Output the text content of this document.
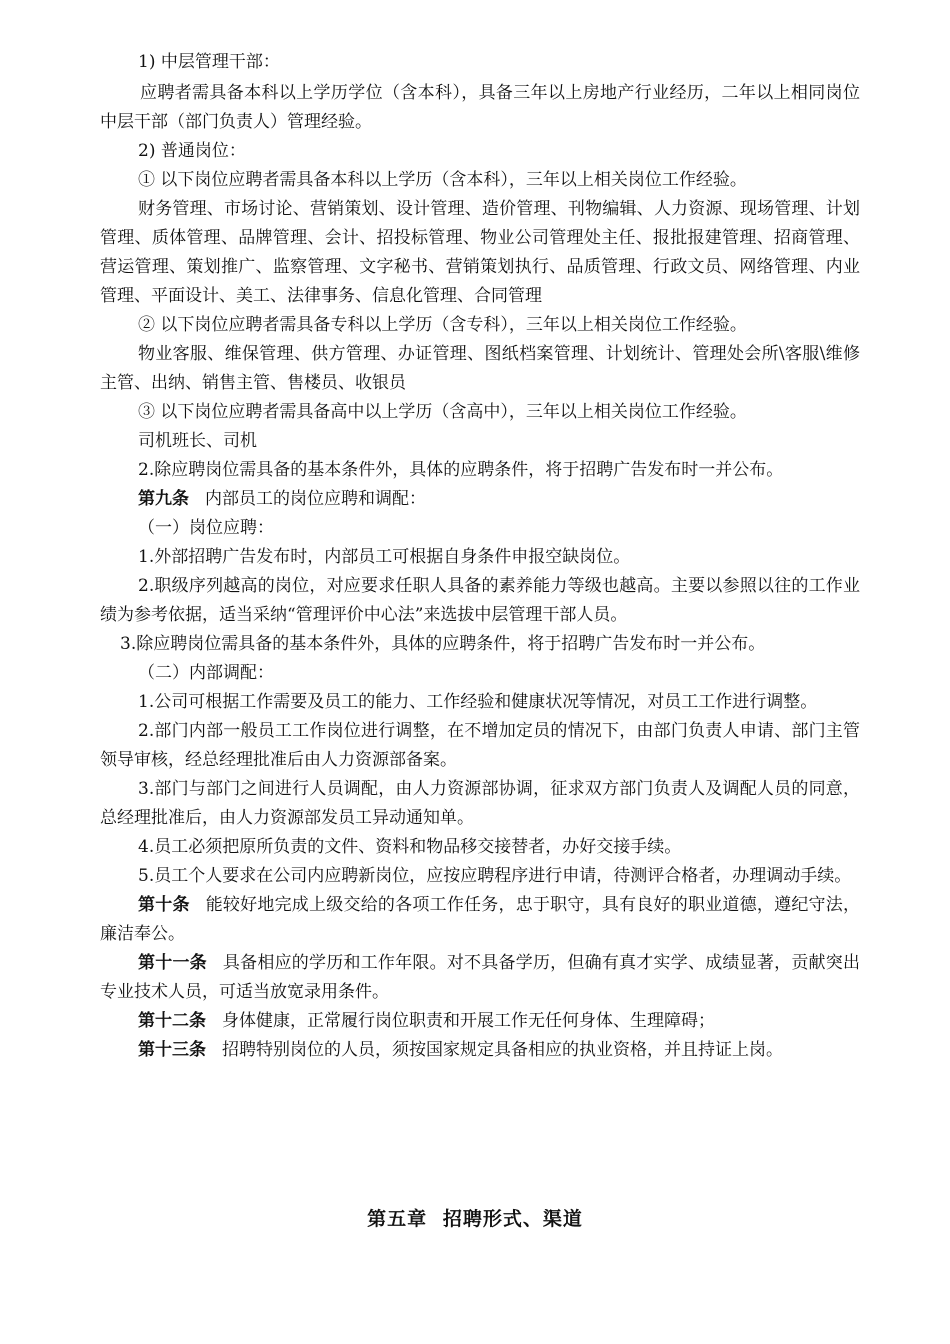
1) 中层管理干部：

应聘者需具备本科以上学历学位（含本科），具备三年以上房地产行业经历，二年以上相同岗位中层干部（部门负责人）管理经验。

2) 普通岗位：

① 以下岗位应聘者需具备本科以上学历（含本科），三年以上相关岗位工作经验。

财务管理、市场讨论、营销策划、设计管理、造价管理、刊物编辑、人力资源、现场管理、计划管理、质体管理、品牌管理、会计、招投标管理、物业公司管理处主任、报批报建管理、招商管理、营运管理、策划推广、监察管理、文字秘书、营销策划执行、品质管理、行政文员、网络管理、内业管理、平面设计、美工、法律事务、信息化管理、合同管理

② 以下岗位应聘者需具备专科以上学历（含专科），三年以上相关岗位工作经验。

物业客服、维保管理、供方管理、办证管理、图纸档案管理、计划统计、管理处会所\客服\维修主管、出纳、销售主管、售楼员、收银员

③ 以下岗位应聘者需具备高中以上学历（含高中），三年以上相关岗位工作经验。

司机班长、司机

2.除应聘岗位需具备的基本条件外，具体的应聘条件，将于招聘广告发布时一并公布。

第九条 内部员工的岗位应聘和调配：

（一）岗位应聘：

1.外部招聘广告发布时，内部员工可根据自身条件申报空缺岗位。

2.职级序列越高的岗位，对应要求任职人具备的素养能力等级也越高。主要以参照以往的工作业绩为参考依据，适当采纳“管理评价中心法”来选拔中层管理干部人员。

3.除应聘岗位需具备的基本条件外，具体的应聘条件，将于招聘广告发布时一并公布。

（二）内部调配：

1.公司可根据工作需要及员工的能力、工作经验和健康状况等情况，对员工工作进行调整。

2.部门内部一般员工工作岗位进行调整，在不增加定员的情况下，由部门负责人申请、部门主管领导审核，经总经理批准后由人力资源部备案。

3.部门与部门之间进行人员调配，由人力资源部协调，征求双方部门负责人及调配人员的同意，总经理批准后，由人力资源部发员工异动通知单。

4.员工必须把原所负责的文件、资料和物品移交接替者，办好交接手续。

5.员工个人要求在公司内应聘新岗位，应按应聘程序进行申请，待测评合格者，办理调动手续。

第十条 能较好地完成上级交给的各项工作任务，忠于职守，具有良好的职业道德，遵纪守法，廉洁奉公。

第十一条 具备相应的学历和工作年限。对不具备学历，但确有真才实学、成绩显著，贡献突出专业技术人员，可适当放宽录用条件。

第十二条 身体健康，正常履行岗位职责和开展工作无任何身体、生理障碍；

第十三条 招聘特别岗位的人员，须按国家规定具备相应的执业资格，并且持证上岗。

第五章 招聘形式、渠道
